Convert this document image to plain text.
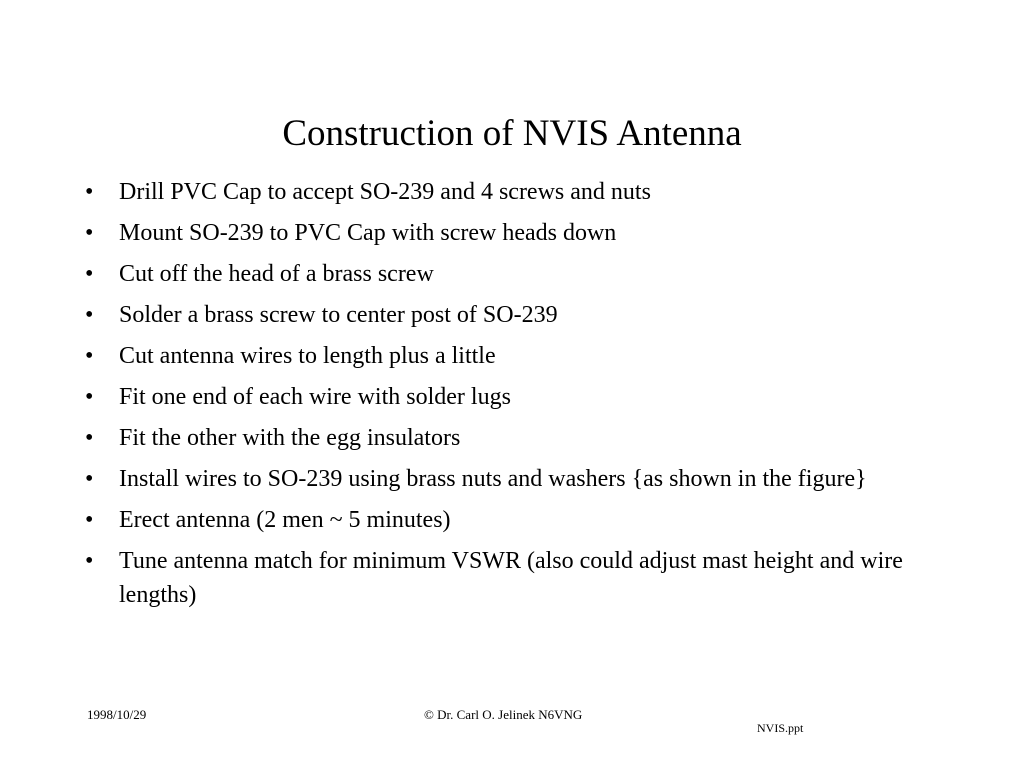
Construction of NVIS Antenna
•	Drill PVC Cap to accept SO-239 and 4 screws and nuts
•	Mount SO-239 to PVC Cap with screw heads down
•	Cut off the head of a brass screw
•	Solder a brass screw to center post of SO-239
•	Cut antenna wires to length plus a little
•	Fit one end of each wire with solder lugs
•	Fit the other with the egg insulators
•	Install wires to SO-239 using brass nuts and washers {as shown in the figure}
•	Erect antenna (2 men ~ 5 minutes)
•	Tune antenna match for minimum VSWR (also could adjust mast height and wire lengths)
1998/10/29	© Dr. Carl O. Jelinek N6VNG
NVIS.ppt
